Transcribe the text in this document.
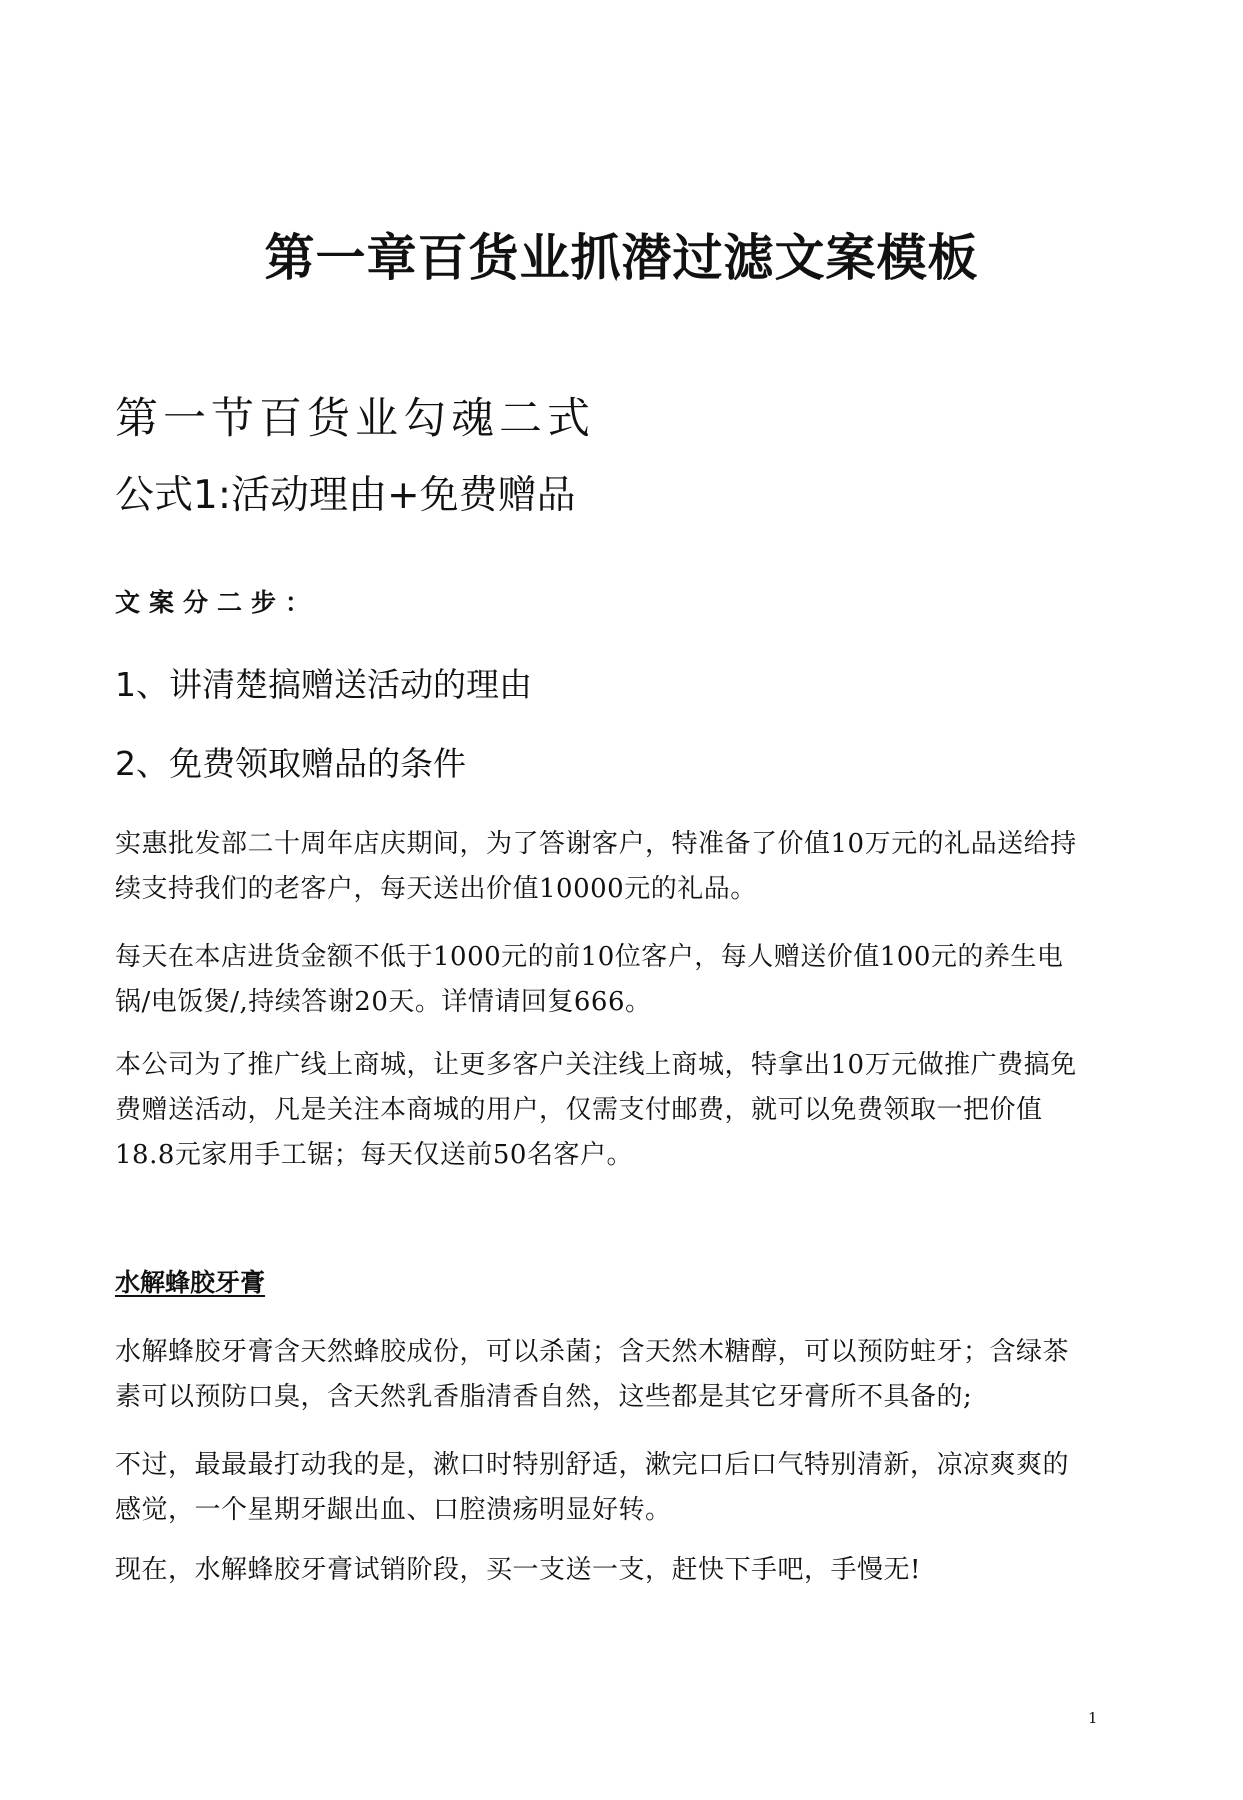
第一章百货业抓潜过滤文案模板
第一节百货业勾魂二式
公式1:活动理由+免费赠品
文案分二步：
1、讲清楚搞赠送活动的理由
2、免费领取赠品的条件

实惠批发部二十周年店庆期间，为了答谢客户，特准备了价值10万元的礼品送给持续支持我们的老客户，每天送出价值10000元的礼品。

每天在本店进货金额不低于1000元的前10位客户，每人赠送价值100元的养生电锅/电饭煲/,持续答谢20天。详情请回复666。

本公司为了推广线上商城，让更多客户关注线上商城，特拿出10万元做推广费搞免费赠送活动，凡是关注本商城的用户，仅需支付邮费，就可以免费领取一把价值18.8元家用手工锯；每天仅送前50名客户。

水解蜂胶牙膏

水解蜂胶牙膏含天然蜂胶成份，可以杀菌；含天然木糖醇，可以预防蛀牙；含绿茶素可以预防口臭，含天然乳香脂清香自然，这些都是其它牙膏所不具备的;

不过，最最最打动我的是，漱口时特别舒适，漱完口后口气特别清新，凉凉爽爽的感觉，一个星期牙龈出血、口腔溃疡明显好转。

现在，水解蜂胶牙膏试销阶段，买一支送一支，赶快下手吧，手慢无!

1
